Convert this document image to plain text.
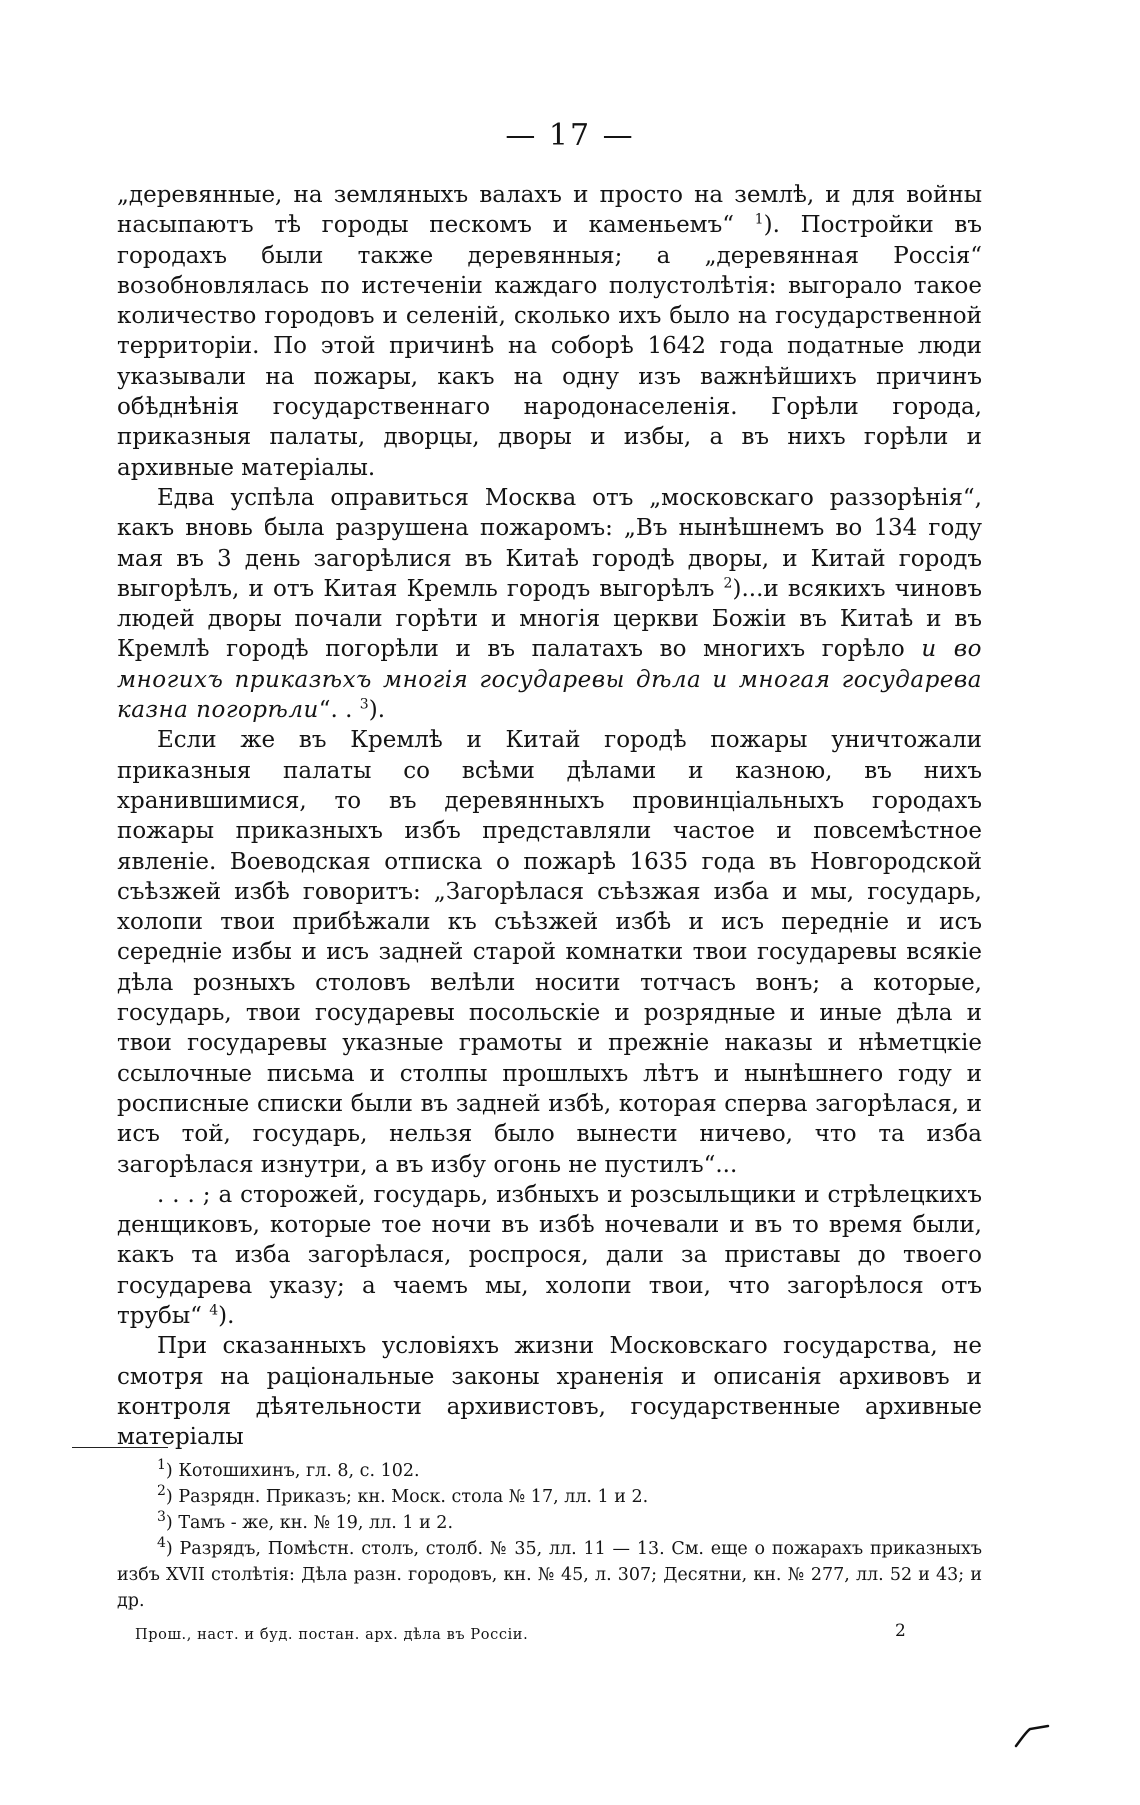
— 17 —

„деревянные, на земляныхъ валахъ и просто на землѣ, и для войны насыпаютъ тѣ городы пескомъ и каменьемъ“ $^1$). Постройки въ городахъ были также деревянныя; а „деревянная Россія“ возобновлялась по истеченіи каждаго полустолѣтія: выгорало такое количество городовъ и селеній, сколько ихъ было на государственной территоріи. По этой причинѣ на соборѣ 1642 года податные люди указывали на пожары, какъ на одну изъ важнѣйшихъ причинъ обѣднѣнія государственнаго народонаселенія. Горѣли города, приказныя палаты, дворцы, дворы и избы, а въ нихъ горѣли и архивные матеріалы.

Едва успѣла оправиться Москва отъ „московскаго раззорѣнія“, какъ вновь была разрушена пожаромъ: „Въ нынѣшнемъ во 134 году мая въ 3 день загорѣлися въ Китаѣ городѣ дворы, и Китай городъ выгорѣлъ, и отъ Китая Кремль городъ выгорѣлъ $^2$)...и всякихъ чиновъ людей дворы почали горѣти и многія церкви Божіи въ Китаѣ и въ Кремлѣ городѣ погорѣли и въ палатахъ во многихъ горѣло и во многихъ приказѣхъ многія государевы дѣла и многая государева казна погорѣли“. . $^3$).

Если же въ Кремлѣ и Китай городѣ пожары уничтожали приказныя палаты со всѣми дѣлами и казною, въ нихъ хранившимися, то въ деревянныхъ провинціальныхъ городахъ пожары приказныхъ избъ представляли частое и повсемѣстное явленіе. Воеводская отписка о пожарѣ 1635 года въ Новгородской съѣзжей избѣ говоритъ: „Загорѣлася съѣзжая изба и мы, государь, холопи твои прибѣжали къ съѣзжей избѣ и исъ передніе и исъ середніе избы и исъ задней старой комнатки твои государевы всякіе дѣла розныхъ столовъ велѣли носити тотчасъ вонъ; а которые, государь, твои государевы посольскіе и розрядные и иные дѣла и твои государевы указные грамоты и прежніе наказы и нѣметцкіе ссылочные письма и столпы прошлыхъ лѣтъ и нынѣшнего году и росписные списки были въ задней избѣ, которая сперва загорѣлася, и исъ той, государь, нельзя было вынести ничево, что та изба загорѣлася изнутри, а въ избу огонь не пустилъ“...

. . . ; а сторожей, государь, избныхъ и розсыльщики и стрѣлецкихъ денщиковъ, которые тое ночи въ избѣ ночевали и въ то время были, какъ та изба загорѣлася, роспрося, дали за приставы до твоего государева указу; а чаемъ мы, холопи твои, что загорѣлося отъ трубы“ $^4$).

При сказанныхъ условіяхъ жизни Московскаго государства, не смотря на раціональные законы храненія и описанія архивовъ и контроля дѣятельности архивистовъ, государственные архивные матеріалы

$^1$) Котошихинъ, гл. 8, с. 102.

$^2$) Разрядн. Приказъ; кн. Моск. стола № 17, лл. 1 и 2.

$^3$) Тамъ - же, кн. № 19, лл. 1 и 2.

$^4$) Разрядъ, Помѣстн. столъ, столб. № 35, лл. 11 — 13. См. еще о пожарахъ приказныхъ избъ XVII столѣтія: Дѣла разн. городовъ, кн. № 45, л. 307; Десятни, кн. № 277, лл. 52 и 43; и др.

Прош., наст. и буд. постан. арх. дѣла въ Россіи.	2
